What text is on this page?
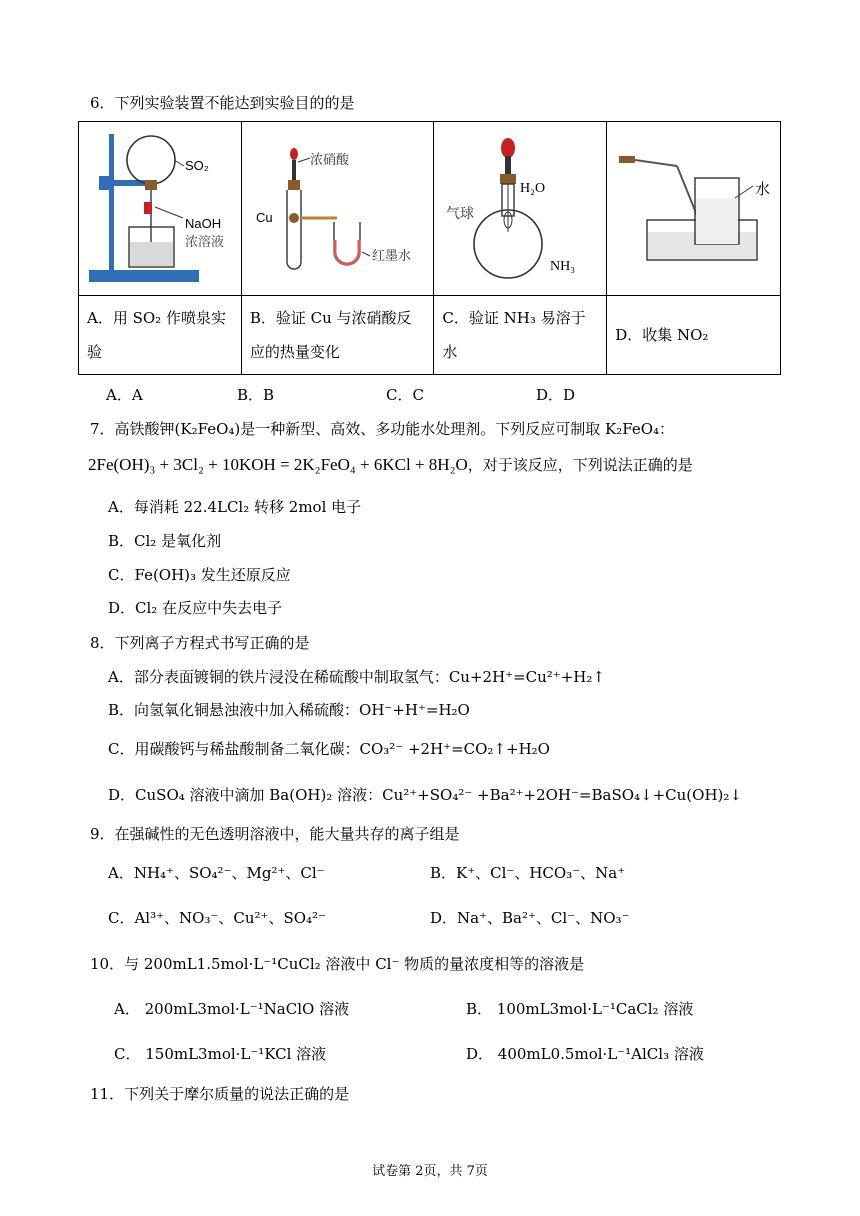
6．下列实验装置不能达到实验目的的是
SO₂
NaOH
浓溶液	浓硝酸
Cu
红墨水	H₂O
气球
NH₃	水

A．用 SO₂ 作喷泉实验	B．验证 Cu 与浓硝酸反应的热量变化	C．验证 NH₃ 易溶于水	D．收集 NO₂
A．A	B．B	C．C	D．D
7．高铁酸钾(K₂FeO₄)是一种新型、高效、多功能水处理剂。下列反应可制取 K₂FeO₄：
2Fe(OH)₃ + 3Cl₂ + 10KOH = 2K₂FeO₄ + 6KCl + 8H₂O，对于该反应，下列说法正确的是
A．每消耗 22.4LCl₂ 转移 2mol 电子
B．Cl₂ 是氧化剂
C．Fe(OH)₃ 发生还原反应
D．Cl₂ 在反应中失去电子
8．下列离子方程式书写正确的是
A．部分表面镀铜的铁片浸没在稀硫酸中制取氢气：Cu+2H⁺=Cu²⁺+H₂↑
B．向氢氧化铜悬浊液中加入稀硫酸：OH⁻+H⁺=H₂O
C．用碳酸钙与稀盐酸制备二氧化碳：CO₃²⁻ +2H⁺=CO₂↑+H₂O
D．CuSO₄ 溶液中滴加 Ba(OH)₂ 溶液：Cu²⁺+SO₄²⁻ +Ba²⁺+2OH⁻=BaSO₄↓+Cu(OH)₂↓
9．在强碱性的无色透明溶液中，能大量共存的离子组是
A．NH₄⁺、SO₄²⁻、Mg²⁺、Cl⁻	B．K⁺、Cl⁻、HCO₃⁻、Na⁺
C．Al³⁺、NO₃⁻、Cu²⁺、SO₄²⁻	D．Na⁺、Ba²⁺、Cl⁻、NO₃⁻
10．与 200mL1.5mol·L⁻¹CuCl₂ 溶液中 Cl⁻ 物质的量浓度相等的溶液是
A． 200mL3mol·L⁻¹NaClO 溶液	B． 100mL3mol·L⁻¹CaCl₂ 溶液
C． 150mL3mol·L⁻¹KCl 溶液	D． 400mL0.5mol·L⁻¹AlCl₃ 溶液
11．下列关于摩尔质量的说法正确的是
试卷第 2页，共 7页
